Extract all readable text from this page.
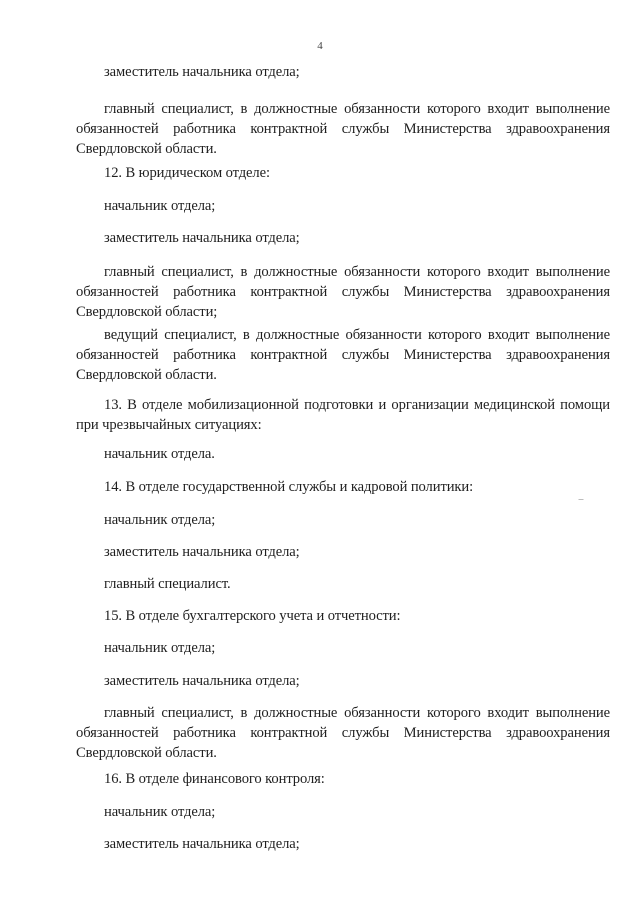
4
заместитель начальника отдела;
главный специалист, в должностные обязанности которого входит выполнение обязанностей работника контрактной службы Министерства здравоохранения Свердловской области.
12. В юридическом отделе:
начальник отдела;
заместитель начальника отдела;
главный специалист, в должностные обязанности которого входит выполнение обязанностей работника контрактной службы Министерства здравоохранения Свердловской области;
ведущий специалист, в должностные обязанности которого входит выполнение обязанностей работника контрактной службы Министерства здравоохранения Свердловской области.
13. В отделе мобилизационной подготовки и организации медицинской помощи при чрезвычайных ситуациях:
начальник отдела.
14. В отделе государственной службы и кадровой политики:
начальник отдела;
заместитель начальника отдела;
главный специалист.
15. В отделе бухгалтерского учета и отчетности:
начальник отдела;
заместитель начальника отдела;
главный специалист, в должностные обязанности которого входит выполнение обязанностей работника контрактной службы Министерства здравоохранения Свердловской области.
16. В отделе финансового контроля:
начальник отдела;
заместитель начальника отдела;
.....
